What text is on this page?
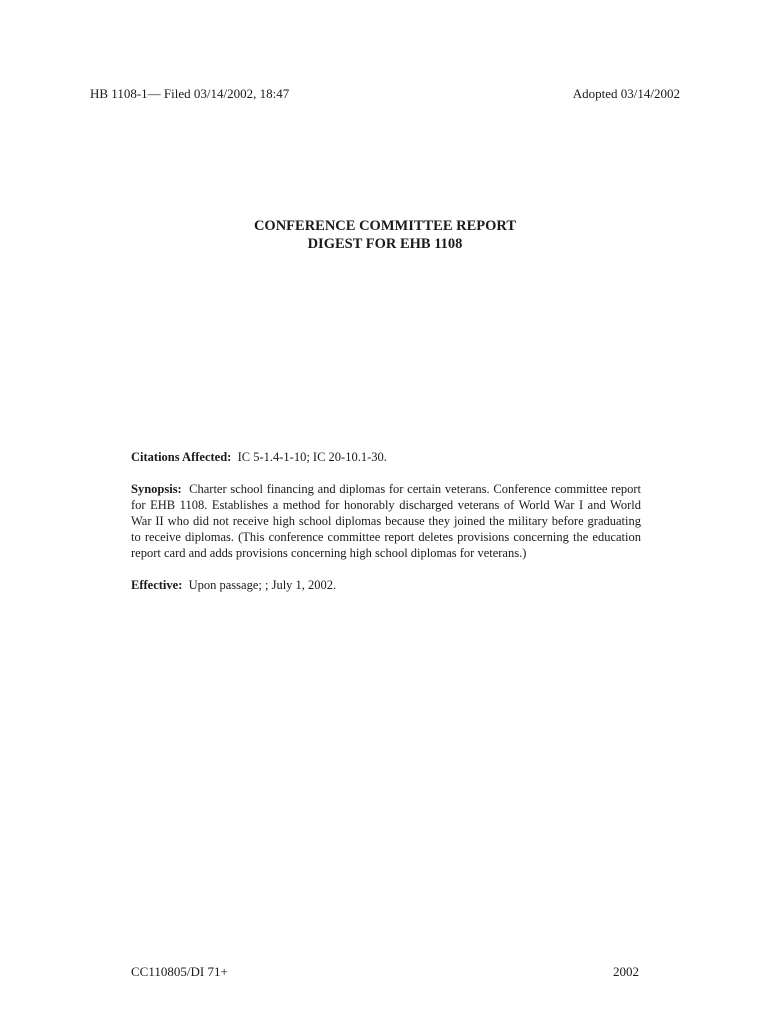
HB 1108-1— Filed 03/14/2002, 18:47	Adopted 03/14/2002
CONFERENCE COMMITTEE REPORT
DIGEST FOR EHB 1108

Citations Affected: IC 5-1.4-1-10; IC 20-10.1-30.

Synopsis: Charter school financing and diplomas for certain veterans. Conference committee report for EHB 1108. Establishes a method for honorably discharged veterans of World War I and World War II who did not receive high school diplomas because they joined the military before graduating to receive diplomas. (This conference committee report deletes provisions concerning the education report card and adds provisions concerning high school diplomas for veterans.)

Effective: Upon passage; ; July 1, 2002.

CC110805/DI 71+	2002
